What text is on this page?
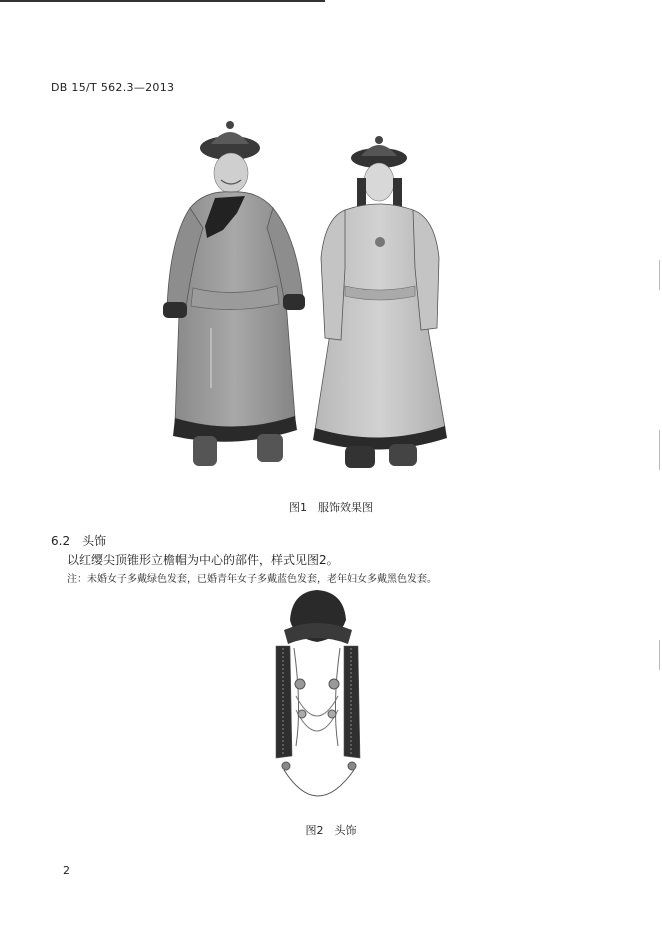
DB 15/T 562.3—2013
图1　服饰效果图
6.2 头饰
以红缨尖顶锥形立檐帽为中心的部件，样式见图2。
注：未婚女子多戴绿色发套，已婚青年女子多戴蓝色发套，老年妇女多戴黑色发套。
图2　头饰
2
